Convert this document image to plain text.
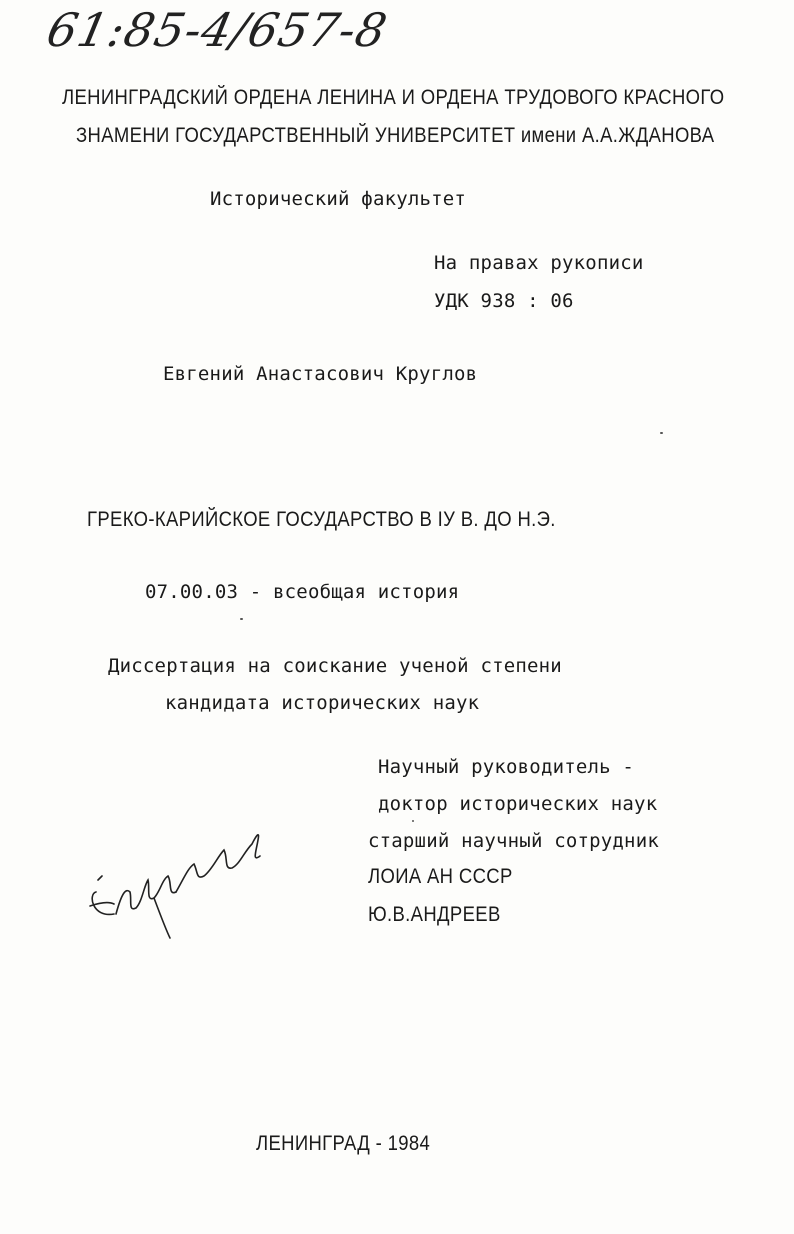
61:85-4/657-8
ЛЕНИНГРАДСКИЙ ОРДЕНА ЛЕНИНА И ОРДЕНА ТРУДОВОГО КРАСНОГО
ЗНАМЕНИ ГОСУДАРСТВЕННЫЙ УНИВЕРСИТЕТ имени А.А.ЖДАНОВА
Исторический факультет
На правах рукописи
УДК 938 : 06
Евгений Анастасович Круглов
ГРЕКО-КАРИЙСКОЕ ГОСУДАРСТВО В IУ В. ДО Н.Э.
07.00.03 - всеобщая история
Диссертация на соискание ученой степени
кандидата исторических наук
Научный руководитель -
доктор исторических наук
старший научный сотрудник
ЛОИА АН СССР
Ю.В.АНДРЕЕВ
ЛЕНИНГРАД - 1984
